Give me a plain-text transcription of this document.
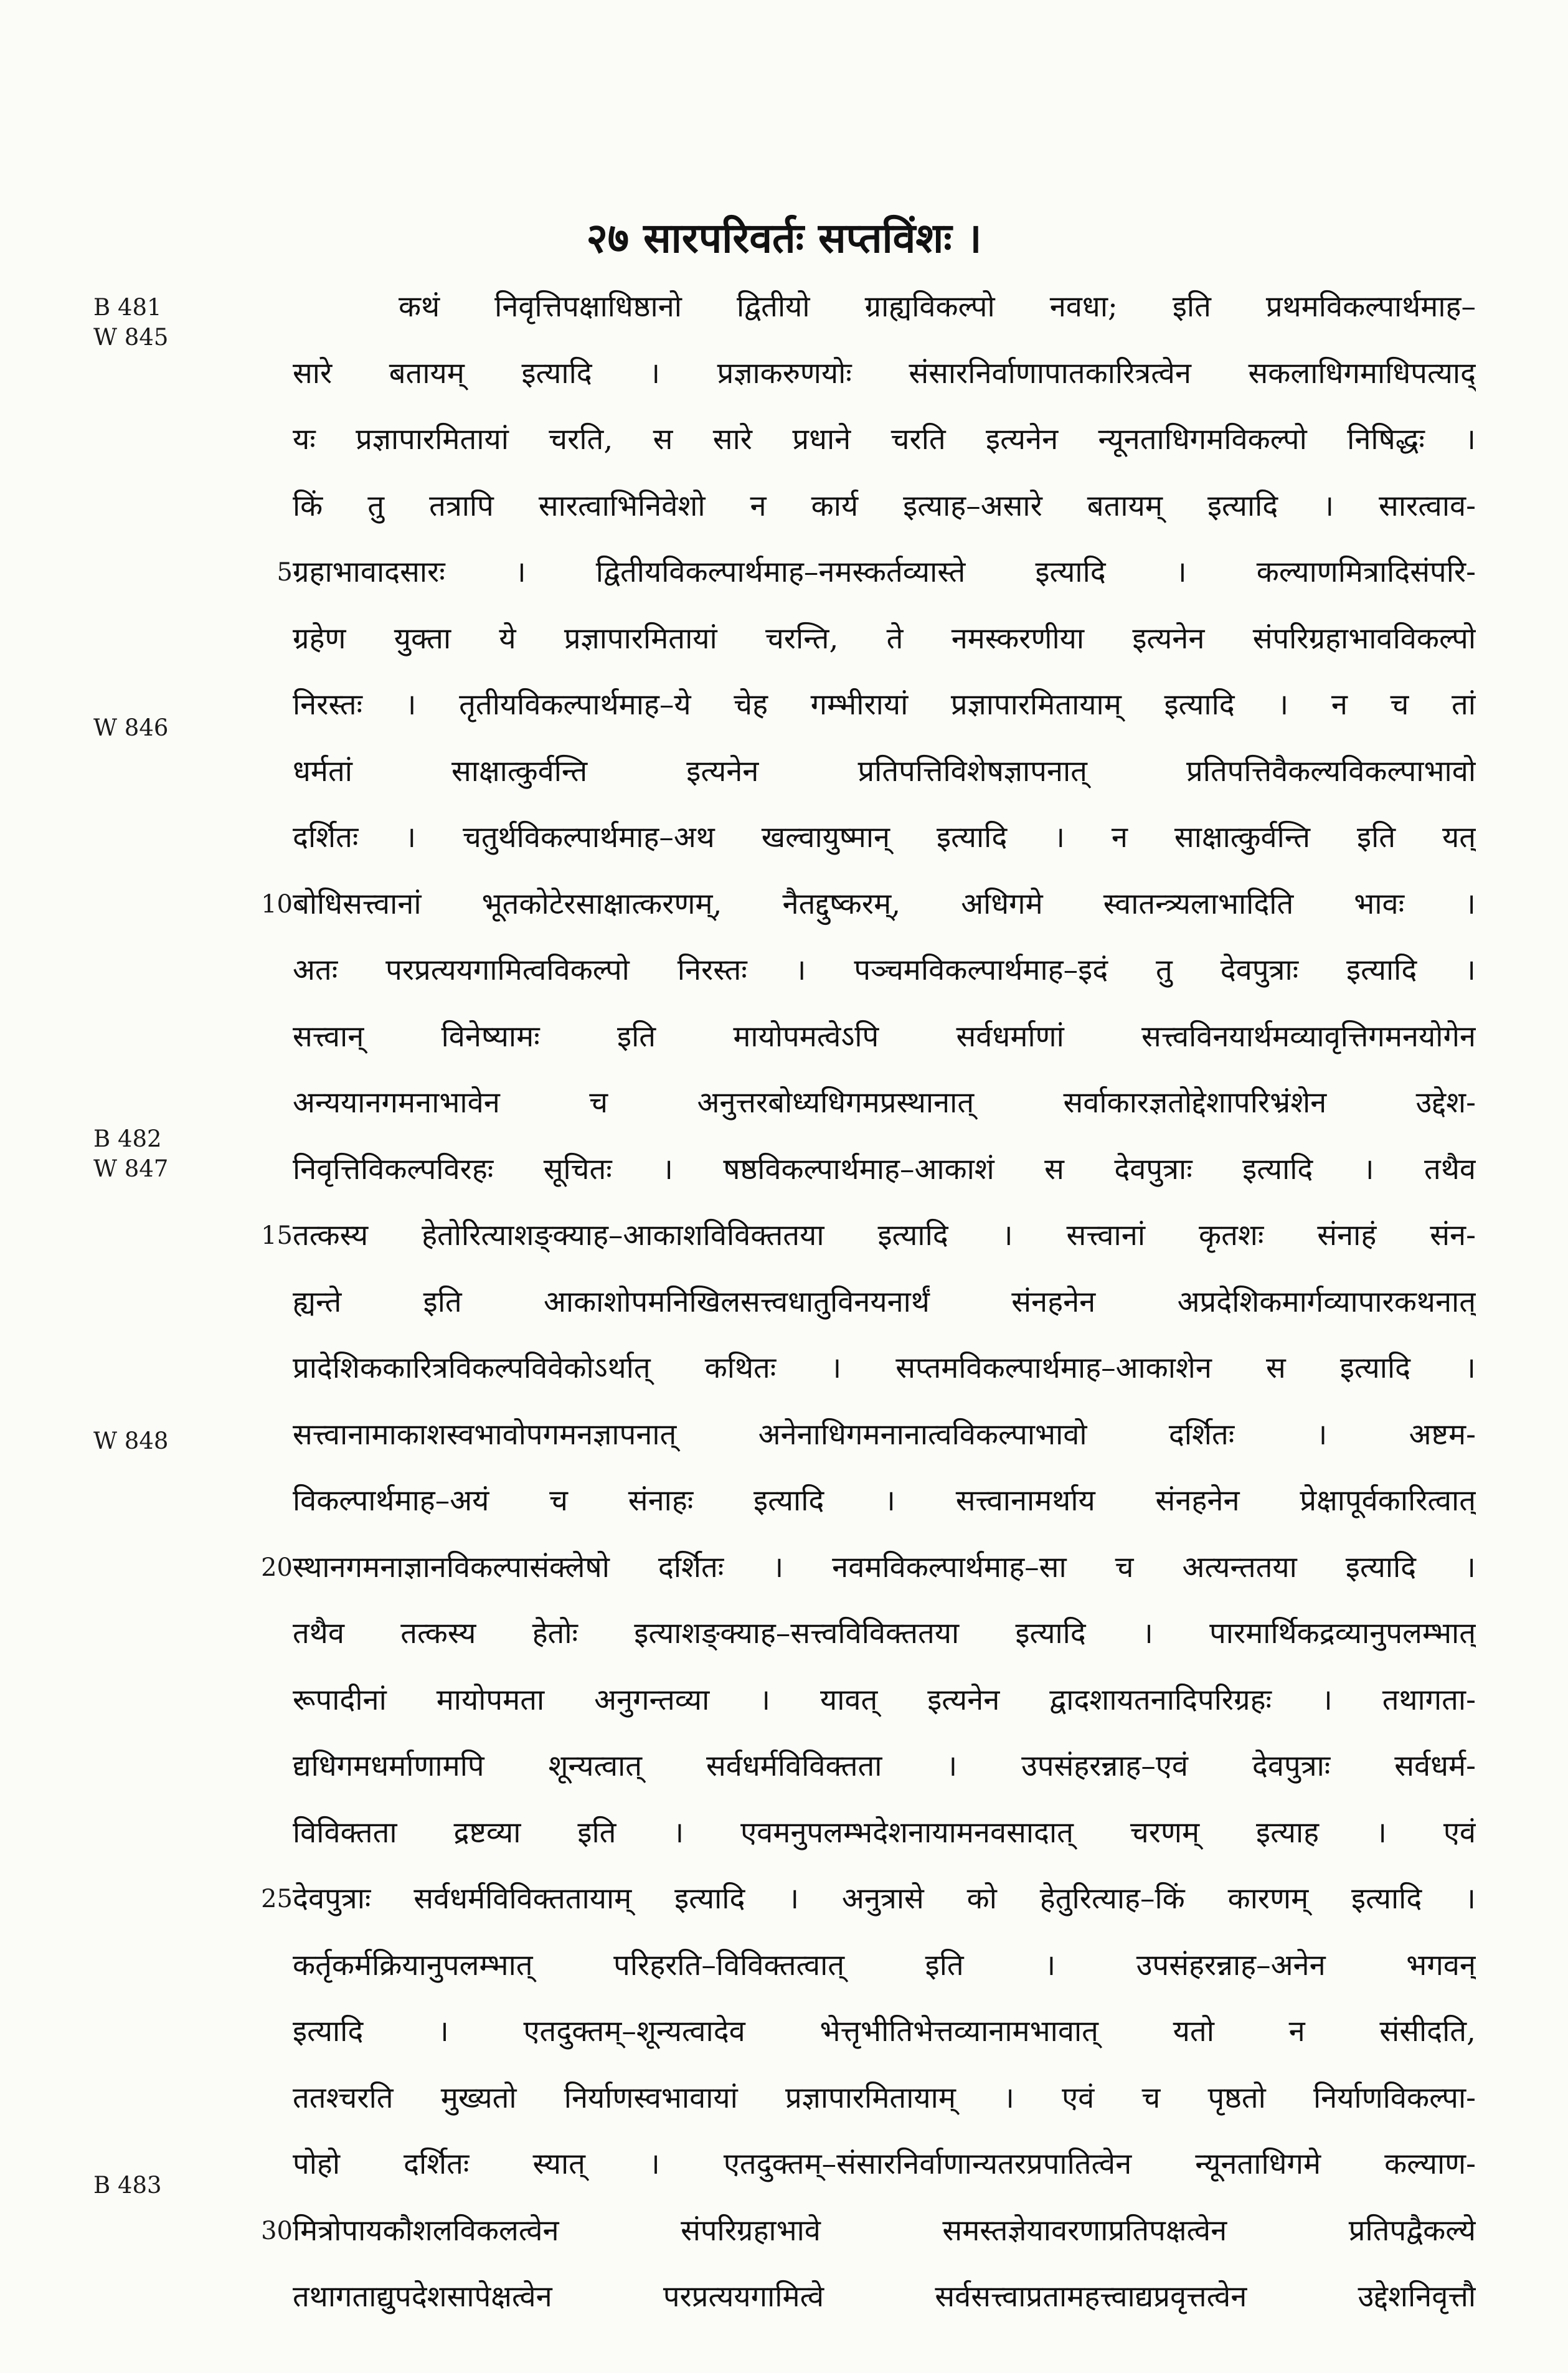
२७ सारपरिवर्तः सप्तविंशः ।
B 481
W 845
W 846
B 482
W 847
W 848
B 483
5
10
15
20
25
30
कथं निवृत्तिपक्षाधिष्ठानो द्वितीयो ग्राह्यविकल्पो नवधा; इति प्रथमविकल्पार्थमाह–
सारे बतायम् इत्यादि । प्रज्ञाकरुणयोः संसारनिर्वाणापातकारित्रत्वेन सकलाधिगमाधिपत्याद्
यः प्रज्ञापारमितायां चरति, स सारे प्रधाने चरति इत्यनेन न्यूनताधिगमविकल्पो निषिद्धः ।
किं तु तत्रापि सारत्वाभिनिवेशो न कार्य इत्याह–असारे बतायम् इत्यादि । सारत्वाव-
ग्रहाभावादसारः । द्वितीयविकल्पार्थमाह–नमस्कर्तव्यास्ते इत्यादि । कल्याणमित्रादिसंपरि-
ग्रहेण युक्ता ये प्रज्ञापारमितायां चरन्ति, ते नमस्करणीया इत्यनेन संपरिग्रहाभावविकल्पो
निरस्तः । तृतीयविकल्पार्थमाह–ये चेह गम्भीरायां प्रज्ञापारमितायाम् इत्यादि । न च तां
धर्मतां साक्षात्कुर्वन्ति इत्यनेन प्रतिपत्तिविशेषज्ञापनात् प्रतिपत्तिवैकल्यविकल्पाभावो
दर्शितः । चतुर्थविकल्पार्थमाह–अथ खल्वायुष्मान् इत्यादि । न साक्षात्कुर्वन्ति इति यत्
बोधिसत्त्वानां भूतकोटेरसाक्षात्करणम्, नैतद्दुष्करम्, अधिगमे स्वातन्त्र्यलाभादिति भावः ।
अतः परप्रत्ययगामित्वविकल्पो निरस्तः । पञ्चमविकल्पार्थमाह–इदं तु देवपुत्राः इत्यादि ।
सत्त्वान् विनेष्यामः इति मायोपमत्वेऽपि सर्वधर्माणां सत्त्वविनयार्थमव्यावृत्तिगमनयोगेन
अन्ययानगमनाभावेन च अनुत्तरबोध्यधिगमप्रस्थानात् सर्वाकारज्ञतोद्देशापरिभ्रंशेन उद्देश-
निवृत्तिविकल्पविरहः सूचितः । षष्ठविकल्पार्थमाह–आकाशं स देवपुत्राः इत्यादि । तथैव
तत्कस्य हेतोरित्याशङ्क्याह–आकाशविविक्ततया इत्यादि । सत्त्वानां कृतशः संनाहं संन-
ह्यन्ते इति आकाशोपमनिखिलसत्त्वधातुविनयनार्थं संनहनेन अप्रदेशिकमार्गव्यापारकथनात्
प्रादेशिककारित्रविकल्पविवेकोऽर्थात् कथितः । सप्तमविकल्पार्थमाह–आकाशेन स इत्यादि ।
सत्त्वानामाकाशस्वभावोपगमनज्ञापनात् अनेनाधिगमनानात्वविकल्पाभावो दर्शितः । अष्टम-
विकल्पार्थमाह–अयं च संनाहः इत्यादि । सत्त्वानामर्थाय संनहनेन प्रेक्षापूर्वकारित्वात्
स्थानगमनाज्ञानविकल्पासंक्लेषो दर्शितः । नवमविकल्पार्थमाह–सा च अत्यन्ततया इत्यादि ।
तथैव तत्कस्य हेतोः इत्याशङ्क्याह–सत्त्वविविक्ततया इत्यादि । पारमार्थिकद्रव्यानुपलम्भात्
रूपादीनां मायोपमता अनुगन्तव्या । यावत् इत्यनेन द्वादशायतनादिपरिग्रहः । तथागता-
द्यधिगमधर्माणामपि शून्यत्वात् सर्वधर्मविविक्तता । उपसंहरन्नाह–एवं देवपुत्राः सर्वधर्म-
विविक्तता द्रष्टव्या इति । एवमनुपलम्भदेशनायामनवसादात् चरणम् इत्याह । एवं
देवपुत्राः सर्वधर्मविविक्ततायाम् इत्यादि । अनुत्रासे को हेतुरित्याह–किं कारणम् इत्यादि ।
कर्तृकर्मक्रियानुपलम्भात् परिहरति–विविक्तत्वात् इति । उपसंहरन्नाह–अनेन भगवन्
इत्यादि । एतदुक्तम्–शून्यत्वादेव भेत्तृभीतिभेत्तव्यानामभावात् यतो न संसीदति,
ततश्चरति मुख्यतो निर्याणस्वभावायां प्रज्ञापारमितायाम् । एवं च पृष्ठतो निर्याणविकल्पा-
पोहो दर्शितः स्यात् । एतदुक्तम्–संसारनिर्वाणान्यतरप्रपातित्वेन न्यूनताधिगमे कल्याण-
मित्रोपायकौशलविकलत्वेन संपरिग्रहाभावे समस्तज्ञेयावरणाप्रतिपक्षत्वेन प्रतिपद्वैकल्ये
तथागताद्युपदेशसापेक्षत्वेन परप्रत्ययगामित्वे सर्वसत्त्वाप्रतामहत्त्वाद्यप्रवृत्तत्वेन उद्देशनिवृत्तौ
